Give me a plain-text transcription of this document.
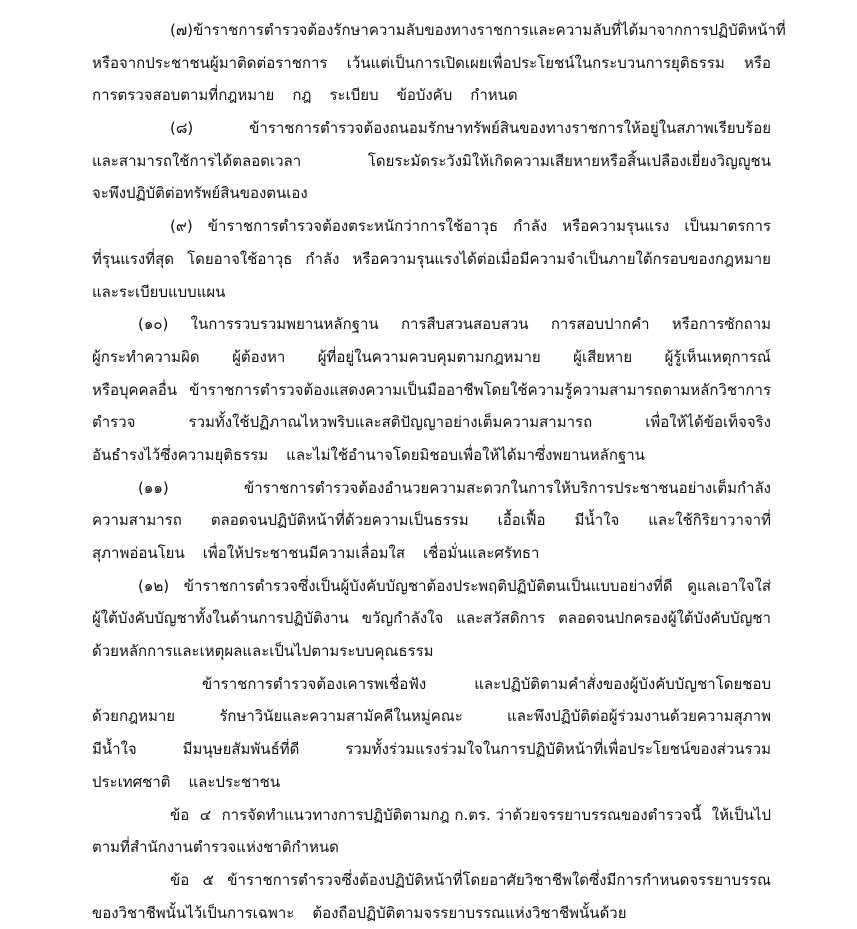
(๗) ข้าราชการตำรวจต้องรักษาความลับของทางราชการ และความลับที่ได้มาจากการปฏิบัติหน้าที่
หรือจากประชาชนผู้มาติดต่อราชการ เว้นแต่เป็นการเปิดเผยเพื่อประโยชน์ในกระบวนการยุติธรรม หรือ
การตรวจสอบตามที่กฎหมาย กฎ ระเบียบ ข้อบังคับ กำหนด
(๘)	ข้าราชการตำรวจต้องถนอมรักษาทรัพย์สินของทางราชการให้อยู่ในสภาพเรียบร้อย
และสามารถใช้การได้ตลอดเวลา	โดยระมัดระวังมิให้เกิดความเสียหายหรือสิ้นเปลืองเยี่ยงวิญญูชน
จะพึงปฏิบัติต่อทรัพย์สินของตนเอง
(๙) ข้าราชการตำรวจต้องตระหนักว่าการใช้อาวุธ กำลัง หรือความรุนแรง เป็นมาตรการ
ที่รุนแรงที่สุด โดยอาจใช้อาวุธ กำลัง หรือความรุนแรงได้ต่อเมื่อมีความจำเป็นภายใต้กรอบของกฎหมาย
และระเบียบแบบแผน
(๑๐) ในการรวบรวมพยานหลักฐาน การสืบสวนสอบสวน การสอบปากคำ หรือการซักถาม
ผู้กระทำความผิด ผู้ต้องหา ผู้ที่อยู่ในความควบคุมตามกฎหมาย ผู้เสียหาย ผู้รู้เห็นเหตุการณ์
หรือบุคคลอื่น ข้าราชการตำรวจต้องแสดงความเป็นมืออาชีพโดยใช้ความรู้ความสามารถตามหลักวิชาการ
ตำรวจ	รวมทั้งใช้ปฏิภาณไหวพริบและสติปัญญาอย่างเต็มความสามารถ	เพื่อให้ได้ข้อเท็จจริง
อันธำรงไว้ซึ่งความยุติธรรม และไม่ใช้อำนาจโดยมิชอบเพื่อให้ได้มาซึ่งพยานหลักฐาน
(๑๑)	ข้าราชการตำรวจต้องอำนวยความสะดวกในการให้บริการประชาชนอย่างเต็มกำลัง
ความสามารถ ตลอดจนปฏิบัติหน้าที่ด้วยความเป็นธรรม เอื้อเฟื้อ มีน้ำใจ และใช้กิริยาวาจาที่
สุภาพอ่อนโยน เพื่อให้ประชาชนมีความเลื่อมใส เชื่อมั่นและศรัทธา
(๑๒) ข้าราชการตำรวจซึ่งเป็นผู้บังคับบัญชาต้องประพฤติปฏิบัติตนเป็นแบบอย่างที่ดี ดูแลเอาใจใส่
ผู้ใต้บังคับบัญชาทั้งในด้านการปฏิบัติงาน ขวัญกำลังใจ และสวัสดิการ ตลอดจนปกครองผู้ใต้บังคับบัญชา
ด้วยหลักการและเหตุผลและเป็นไปตามระบบคุณธรรม
ข้าราชการตำรวจต้องเคารพเชื่อฟัง	และปฏิบัติตามคำสั่งของผู้บังคับบัญชาโดยชอบ
ด้วยกฎหมาย	รักษาวินัยและความสามัคคีในหมู่คณะ	และพึงปฏิบัติต่อผู้ร่วมงานด้วยความสุภาพ
มีน้ำใจ	มีมนุษยสัมพันธ์ที่ดี	รวมทั้งร่วมแรงร่วมใจในการปฏิบัติหน้าที่เพื่อประโยชน์ของส่วนรวม
ประเทศชาติ และประชาชน
ข้อ ๔ การจัดทำแนวทางการปฏิบัติตามกฎ ก.ตร. ว่าด้วยจรรยาบรรณของตำรวจนี้ ให้เป็นไป
ตามที่สำนักงานตำรวจแห่งชาติกำหนด
ข้อ ๕ ข้าราชการตำรวจซึ่งต้องปฏิบัติหน้าที่โดยอาศัยวิชาชีพใดซึ่งมีการกำหนดจรรยาบรรณ
ของวิชาชีพนั้นไว้เป็นการเฉพาะ ต้องถือปฏิบัติตามจรรยาบรรณแห่งวิชาชีพนั้นด้วย
